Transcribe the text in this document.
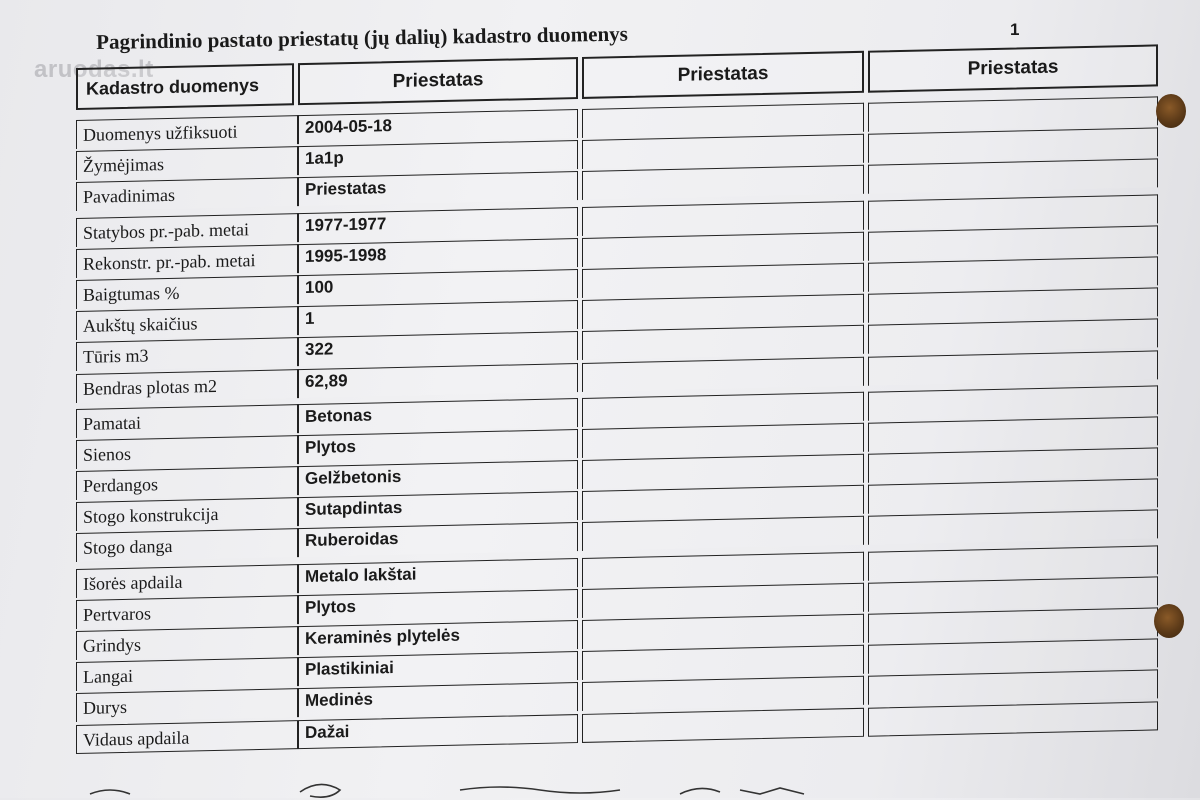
aruodas.lt
1
Pagrindinio pastato priestatų (jų dalių) kadastro duomenys
Kadastro duomenys	Priestatas	Priestatas	Priestatas
Duomenys užfiksuoti	2004-05-18
Žymėjimas	1a1p
Pavadinimas	Priestatas
Statybos pr.-pab. metai	1977-1977
Rekonstr. pr.-pab. metai	1995-1998
Baigtumas %	100
Aukštų skaičius	1
Tūris m3	322
Bendras plotas m2	62,89
Pamatai	Betonas
Sienos	Plytos
Perdangos	Gelžbetonis
Stogo konstrukcija	Sutapdintas
Stogo danga	Ruberoidas
Išorės apdaila	Metalo lakštai
Pertvaros	Plytos
Grindys	Keraminės plytelės
Langai	Plastikiniai
Durys	Medinės
Vidaus apdaila	Dažai
